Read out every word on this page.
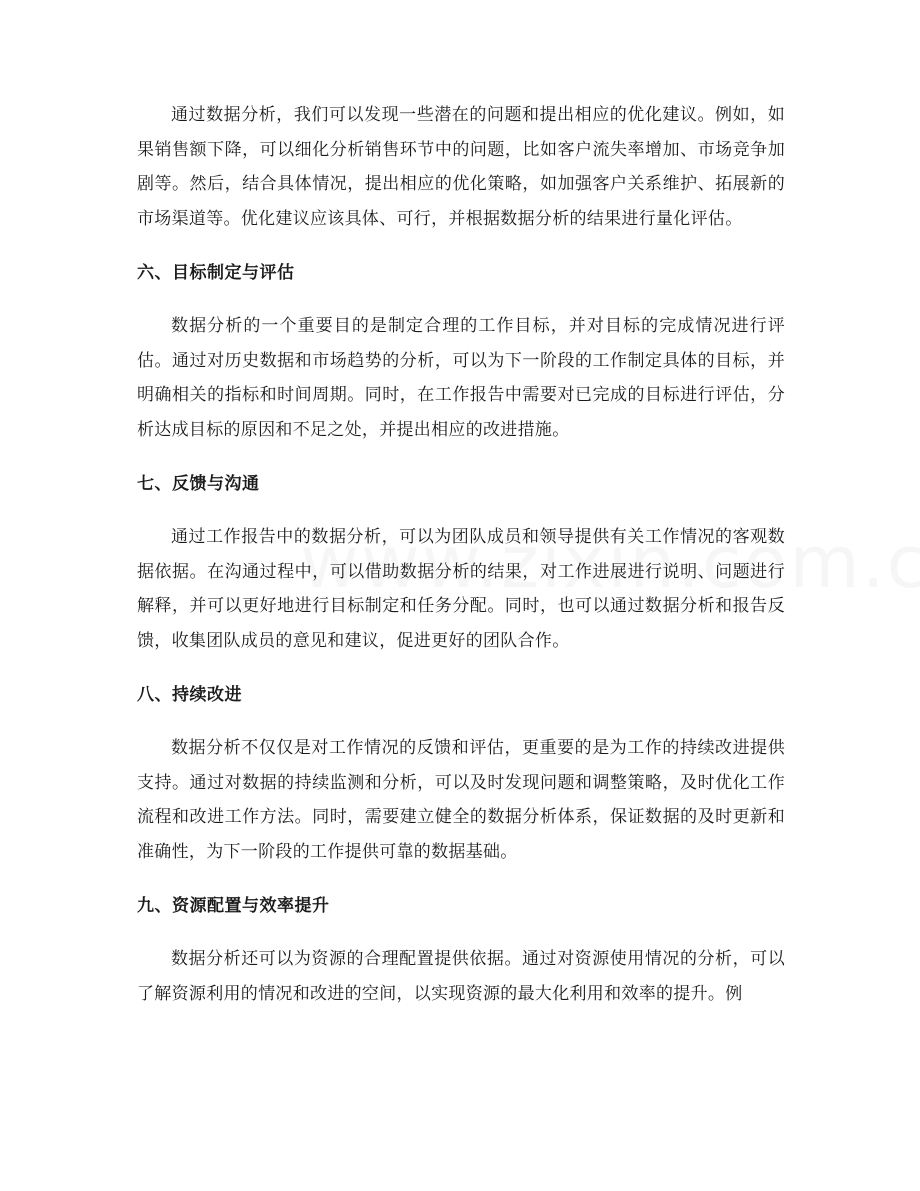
通过数据分析，我们可以发现一些潜在的问题和提出相应的优化建议。例如，如果销售额下降，可以细化分析销售环节中的问题，比如客户流失率增加、市场竞争加剧等。然后，结合具体情况，提出相应的优化策略，如加强客户关系维护、拓展新的市场渠道等。优化建议应该具体、可行，并根据数据分析的结果进行量化评估。

六、目标制定与评估

数据分析的一个重要目的是制定合理的工作目标，并对目标的完成情况进行评估。通过对历史数据和市场趋势的分析，可以为下一阶段的工作制定具体的目标，并明确相关的指标和时间周期。同时，在工作报告中需要对已完成的目标进行评估，分析达成目标的原因和不足之处，并提出相应的改进措施。

七、反馈与沟通

通过工作报告中的数据分析，可以为团队成员和领导提供有关工作情况的客观数据依据。在沟通过程中，可以借助数据分析的结果，对工作进展进行说明、问题进行解释，并可以更好地进行目标制定和任务分配。同时，也可以通过数据分析和报告反馈，收集团队成员的意见和建议，促进更好的团队合作。

八、持续改进

数据分析不仅仅是对工作情况的反馈和评估，更重要的是为工作的持续改进提供支持。通过对数据的持续监测和分析，可以及时发现问题和调整策略，及时优化工作流程和改进工作方法。同时，需要建立健全的数据分析体系，保证数据的及时更新和准确性，为下一阶段的工作提供可靠的数据基础。

九、资源配置与效率提升

数据分析还可以为资源的合理配置提供依据。通过对资源使用情况的分析，可以了解资源利用的情况和改进的空间，以实现资源的最大化利用和效率的提升。例
